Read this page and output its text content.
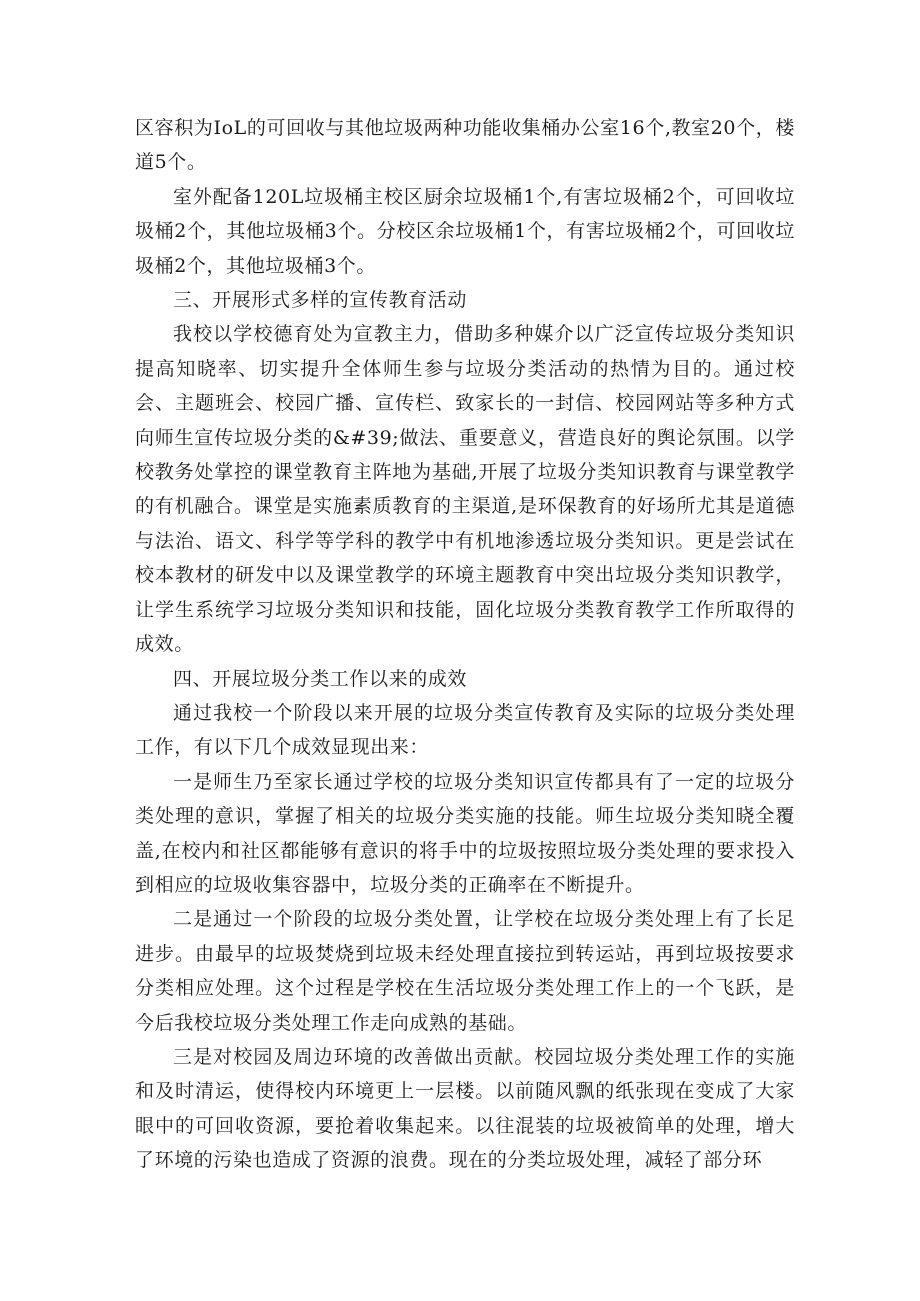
区容积为IoL的可回收与其他垃圾两种功能收集桶办公室16个,教室20个，楼道5个。

室外配备120L垃圾桶主校区厨余垃圾桶1个,有害垃圾桶2个，可回收垃圾桶2个，其他垃圾桶3个。分校区余垃圾桶1个，有害垃圾桶2个，可回收垃圾桶2个，其他垃圾桶3个。

三、开展形式多样的宣传教育活动

我校以学校德育处为宣教主力，借助多种媒介以广泛宣传垃圾分类知识提高知晓率、切实提升全体师生参与垃圾分类活动的热情为目的。通过校会、主题班会、校园广播、宣传栏、致家长的一封信、校园网站等多种方式向师生宣传垃圾分类的&#39;做法、重要意义，营造良好的舆论氛围。以学校教务处掌控的课堂教育主阵地为基础,开展了垃圾分类知识教育与课堂教学的有机融合。课堂是实施素质教育的主渠道,是环保教育的好场所尤其是道德与法治、语文、科学等学科的教学中有机地渗透垃圾分类知识。更是尝试在校本教材的研发中以及课堂教学的环境主题教育中突出垃圾分类知识教学，让学生系统学习垃圾分类知识和技能，固化垃圾分类教育教学工作所取得的成效。

四、开展垃圾分类工作以来的成效

通过我校一个阶段以来开展的垃圾分类宣传教育及实际的垃圾分类处理工作，有以下几个成效显现出来：

一是师生乃至家长通过学校的垃圾分类知识宣传都具有了一定的垃圾分类处理的意识，掌握了相关的垃圾分类实施的技能。师生垃圾分类知晓全覆盖,在校内和社区都能够有意识的将手中的垃圾按照垃圾分类处理的要求投入到相应的垃圾收集容器中，垃圾分类的正确率在不断提升。

二是通过一个阶段的垃圾分类处置，让学校在垃圾分类处理上有了长足进步。由最早的垃圾焚烧到垃圾未经处理直接拉到转运站，再到垃圾按要求分类相应处理。这个过程是学校在生活垃圾分类处理工作上的一个飞跃，是今后我校垃圾分类处理工作走向成熟的基础。

三是对校园及周边环境的改善做出贡献。校园垃圾分类处理工作的实施和及时清运，使得校内环境更上一层楼。以前随风飘的纸张现在变成了大家眼中的可回收资源，要抢着收集起来。以往混装的垃圾被简单的处理，增大了环境的污染也造成了资源的浪费。现在的分类垃圾处理，减轻了部分环
